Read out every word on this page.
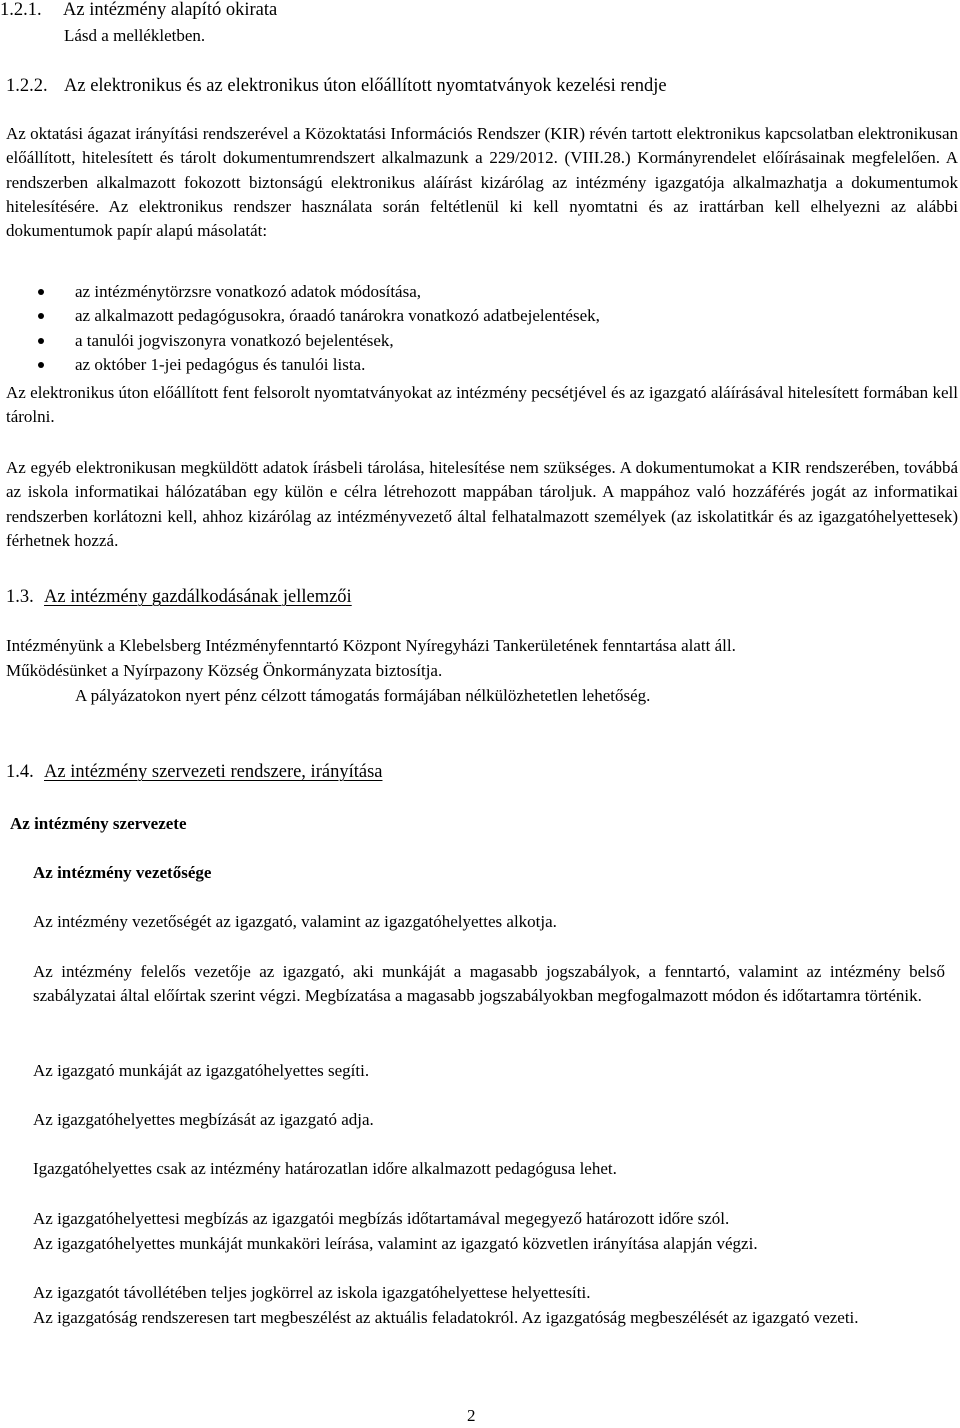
1.2.1. Az intézmény alapító okirata
Lásd a mellékletben.
1.2.2. Az elektronikus és az elektronikus úton előállított nyomtatványok kezelési rendje

Az oktatási ágazat irányítási rendszerével a Közoktatási Információs Rendszer (KIR) révén tartott elektronikus kapcsolatban elektronikusan előállított, hitelesített és tárolt dokumentumrendszert alkalmazunk a 229/2012. (VIII.28.) Kormányrendelet előírásainak megfelelően. A rendszerben alkalmazott fokozott biztonságú elektronikus aláírást kizárólag az intézmény igazgatója alkalmazhatja a dokumentumok hitelesítésére. Az elektronikus rendszer használata során feltétlenül ki kell nyomtatni és az irattárban kell elhelyezni az alábbi dokumentumok papír alapú másolatát:

az intézménytörzsre vonatkozó adatok módosítása,
az alkalmazott pedagógusokra, óraadó tanárokra vonatkozó adatbejelentések,
a tanulói jogviszonyra vonatkozó bejelentések,
az október 1-jei pedagógus és tanulói lista.

Az elektronikus úton előállított fent felsorolt nyomtatványokat az intézmény pecsétjével és az igazgató aláírásával hitelesített formában kell tárolni.

Az egyéb elektronikusan megküldött adatok írásbeli tárolása, hitelesítése nem szükséges. A dokumentumokat a KIR rendszerében, továbbá az iskola informatikai hálózatában egy külön e célra létrehozott mappában tároljuk. A mappához való hozzáférés jogát az informatikai rendszerben korlátozni kell, ahhoz kizárólag az intézményvezető által felhatalmazott személyek (az iskolatitkár és az igazgatóhelyettesek) férhetnek hozzá.

1.3. Az intézmény gazdálkodásának jellemzői
Intézményünk a Klebelsberg Intézményfenntartó Központ Nyíregyházi Tankerületének fenntartása alatt áll.
Működésünket a Nyírpazony Község Önkormányzata biztosítja.
A pályázatokon nyert pénz célzott támogatás formájában nélkülözhetetlen lehetőség.
1.4. Az intézmény szervezeti rendszere, irányítása
Az intézmény szervezete
Az intézmény vezetősége
Az intézmény vezetőségét az igazgató, valamint az igazgatóhelyettes alkotja.

Az intézmény felelős vezetője az igazgató, aki munkáját a magasabb jogszabályok, a fenntartó, valamint az intézmény belső szabályzatai által előírtak szerint végzi. Megbízatása a magasabb jogszabályokban megfogalmazott módon és időtartamra történik.

Az igazgató munkáját az igazgatóhelyettes segíti.
Az igazgatóhelyettes megbízását az igazgató adja.
Igazgatóhelyettes csak az intézmény határozatlan időre alkalmazott pedagógusa lehet.
Az igazgatóhelyettesi megbízás az igazgatói megbízás időtartamával megegyező határozott időre szól.

Az igazgatóhelyettes munkáját munkaköri leírása, valamint az igazgató közvetlen irányítása alapján végzi.

Az igazgatót távollétében teljes jogkörrel az iskola igazgatóhelyettese helyettesíti.

Az igazgatóság rendszeresen tart megbeszélést az aktuális feladatokról. Az igazgatóság megbeszélését az igazgató vezeti.

2
